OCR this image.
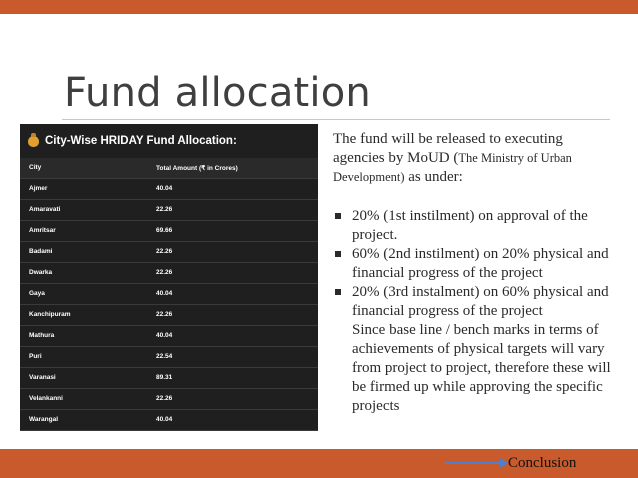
Fund allocation
City-Wise HRIDAY Fund Allocation:
City	Total Amount (₹ in Crores)
Ajmer	40.04
Amaravati	22.26
Amritsar	69.66
Badami	22.26
Dwarka	22.26
Gaya	40.04
Kanchipuram	22.26
Mathura	40.04
Puri	22.54
Varanasi	89.31
Velankanni	22.26
Warangal	40.04

The fund will be released to executing agencies by MoUD (The Ministry of Urban Development) as under:

20% (1st instilment) on approval of the project.
60% (2nd instilment) on 20% physical and financial progress of the project
20% (3rd instalment) on 60% physical and financial progress of the project

Since base line / bench marks in terms of achievements of physical targets will vary from project to project, therefore these will be firmed up while approving the specific projects

Conclusion
